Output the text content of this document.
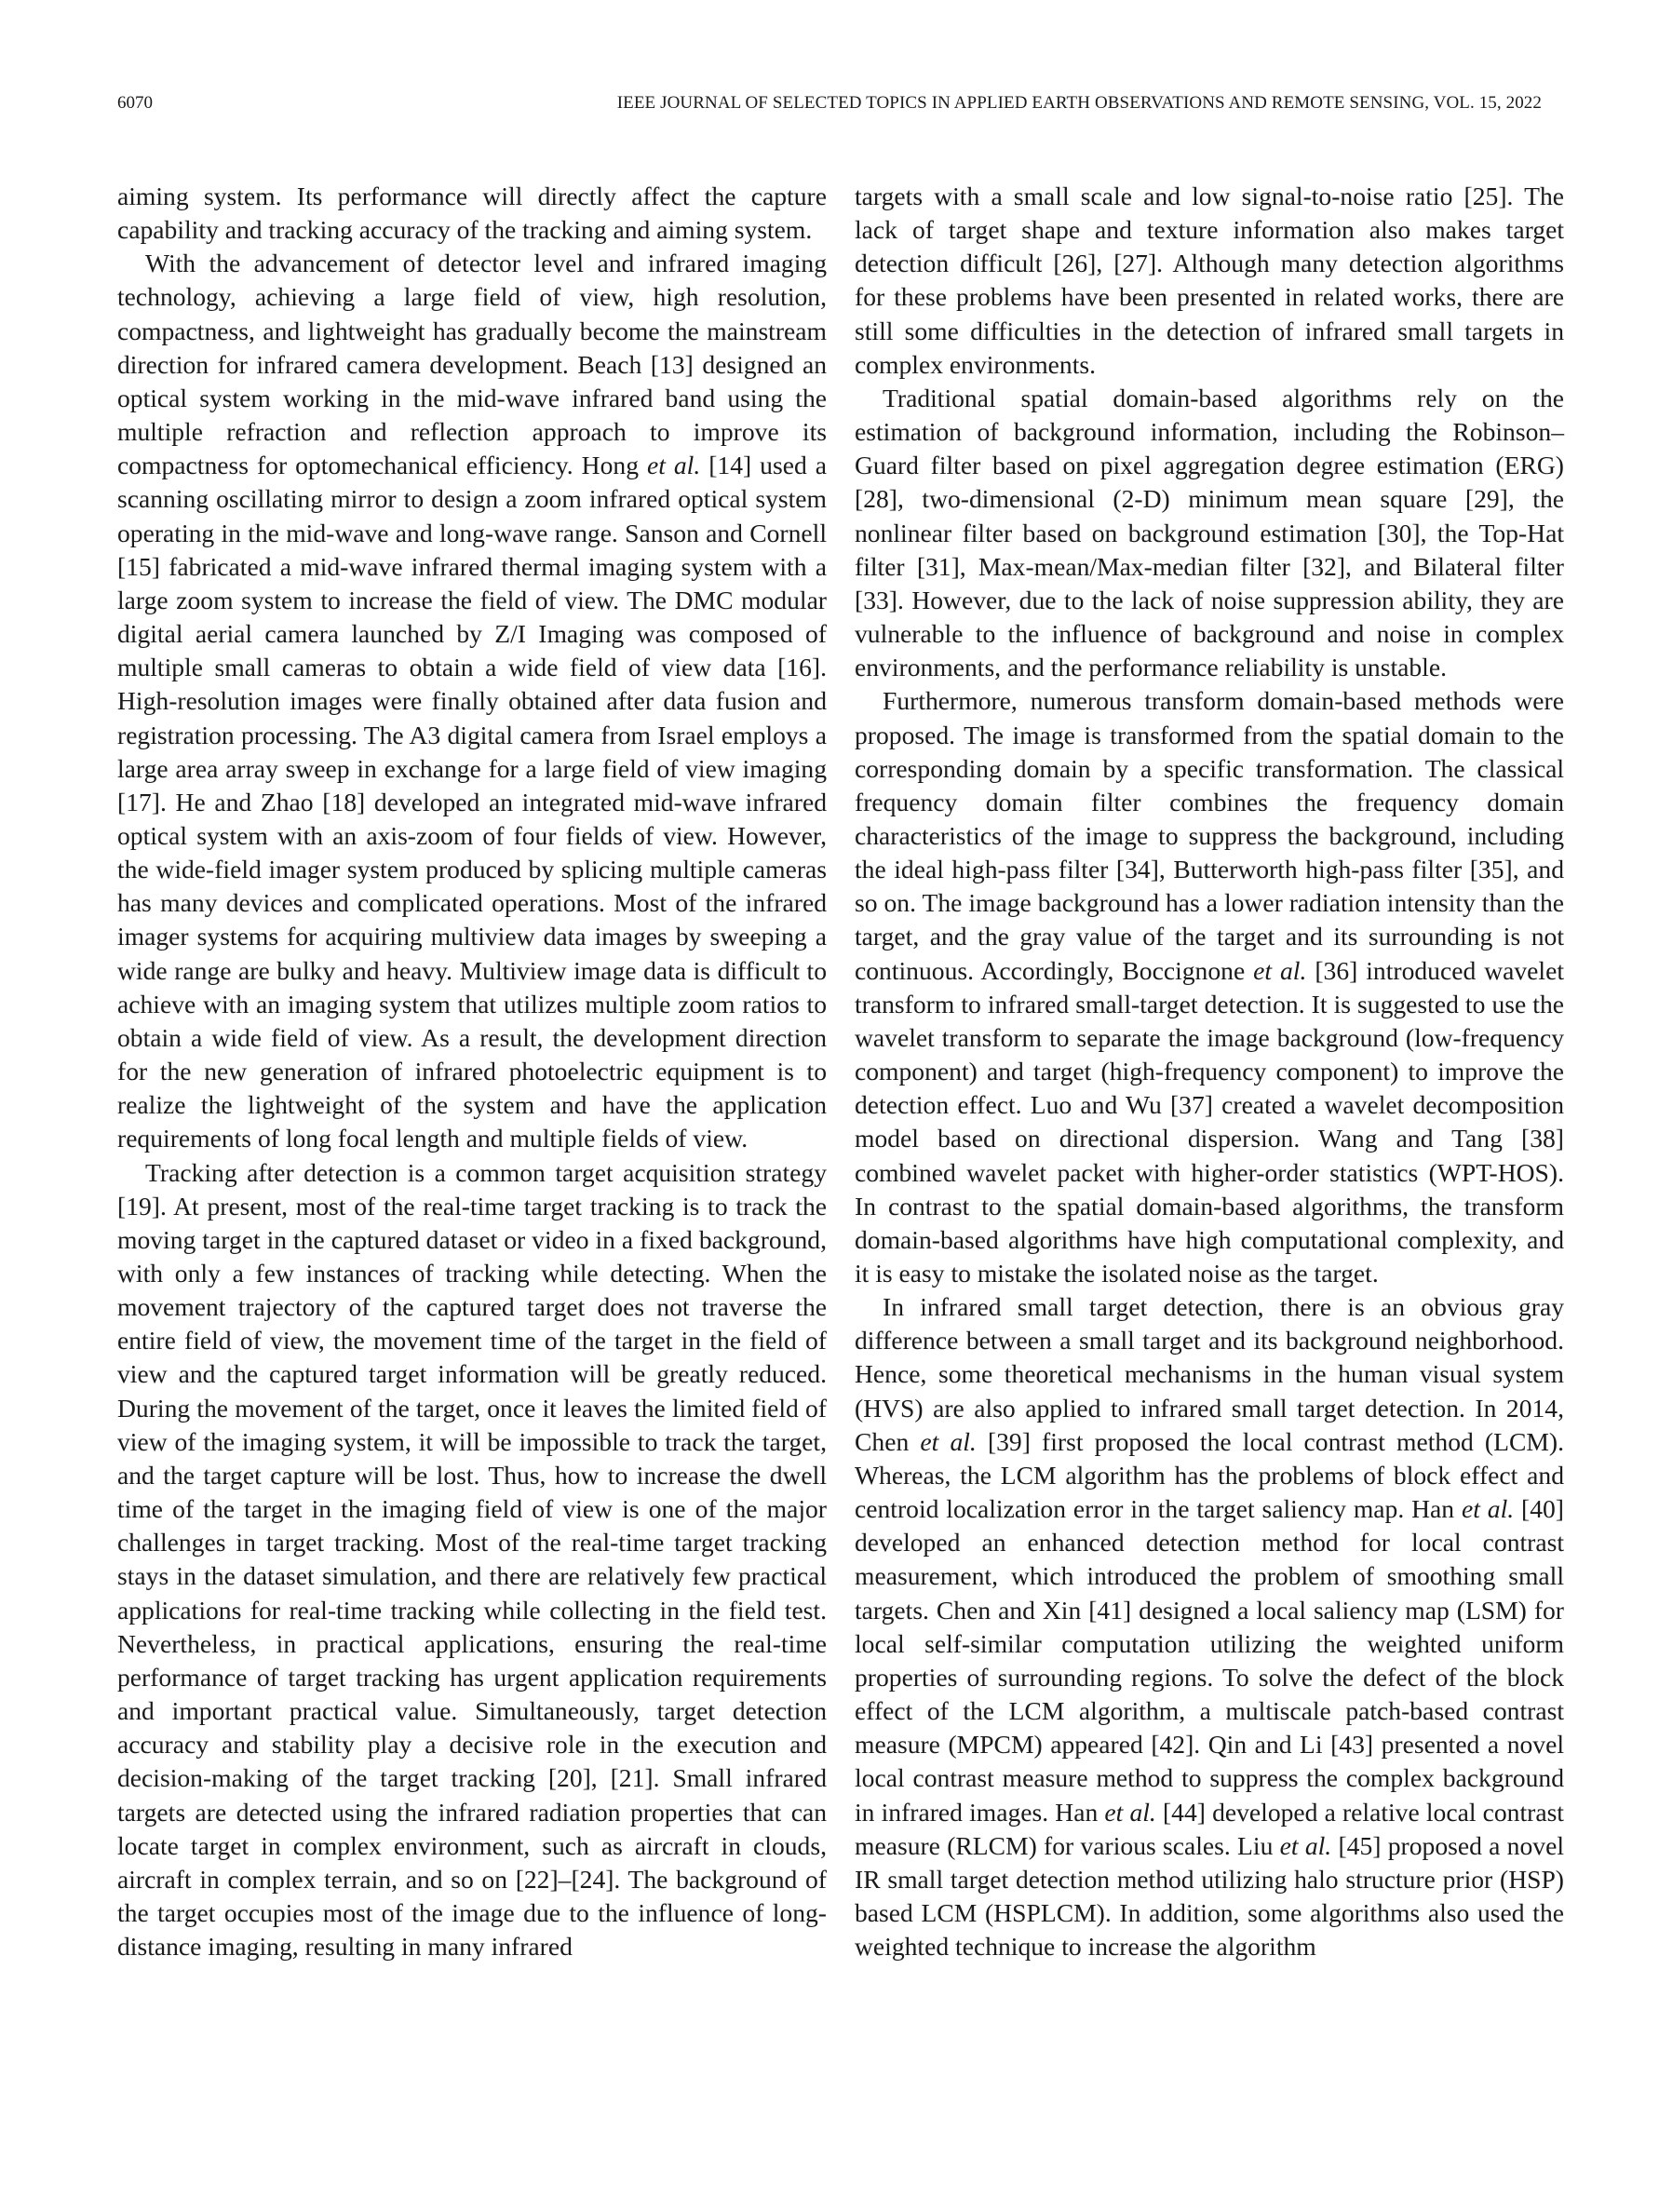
6070	IEEE JOURNAL OF SELECTED TOPICS IN APPLIED EARTH OBSERVATIONS AND REMOTE SENSING, VOL. 15, 2022

aiming system. Its performance will directly affect the capture capability and tracking accuracy of the tracking and aiming system.

With the advancement of detector level and infrared imaging technology, achieving a large field of view, high resolution, compactness, and lightweight has gradually become the mainstream direction for infrared camera development. Beach [13] designed an optical system working in the mid-wave infrared band using the multiple refraction and reflection approach to improve its compactness for optomechanical efficiency. Hong et al. [14] used a scanning oscillating mirror to design a zoom infrared optical system operating in the mid-wave and long-wave range. Sanson and Cornell [15] fabricated a mid-wave infrared thermal imaging system with a large zoom system to increase the field of view. The DMC modular digital aerial camera launched by Z/I Imaging was composed of multiple small cameras to obtain a wide field of view data [16]. High-resolution images were finally obtained after data fusion and registration processing. The A3 digital camera from Israel employs a large area array sweep in exchange for a large field of view imaging [17]. He and Zhao [18] developed an integrated mid-wave infrared optical system with an axis-zoom of four fields of view. However, the wide-field imager system produced by splicing multiple cameras has many devices and complicated operations. Most of the infrared imager systems for acquiring multiview data images by sweeping a wide range are bulky and heavy. Multiview image data is difficult to achieve with an imaging system that utilizes multiple zoom ratios to obtain a wide field of view. As a result, the development direction for the new generation of infrared photoelectric equipment is to realize the lightweight of the system and have the application requirements of long focal length and multiple fields of view.

Tracking after detection is a common target acquisition strategy [19]. At present, most of the real-time target tracking is to track the moving target in the captured dataset or video in a fixed background, with only a few instances of tracking while detecting. When the movement trajectory of the captured target does not traverse the entire field of view, the movement time of the target in the field of view and the captured target information will be greatly reduced. During the movement of the target, once it leaves the limited field of view of the imaging system, it will be impossible to track the target, and the target capture will be lost. Thus, how to increase the dwell time of the target in the imaging field of view is one of the major challenges in target tracking. Most of the real-time target tracking stays in the dataset simulation, and there are relatively few practical applications for real-time tracking while collecting in the field test. Nevertheless, in practical applications, ensuring the real-time performance of target tracking has urgent application requirements and important practical value. Simultaneously, target detection accuracy and stability play a decisive role in the execution and decision-making of the target tracking [20], [21]. Small infrared targets are detected using the infrared radiation properties that can locate target in complex environment, such as aircraft in clouds, aircraft in complex terrain, and so on [22]–[24]. The background of the target occupies most of the image due to the influence of long-distance imaging, resulting in many infrared

targets with a small scale and low signal-to-noise ratio [25]. The lack of target shape and texture information also makes target detection difficult [26], [27]. Although many detection algorithms for these problems have been presented in related works, there are still some difficulties in the detection of infrared small targets in complex environments.

Traditional spatial domain-based algorithms rely on the estimation of background information, including the Robinson–Guard filter based on pixel aggregation degree estimation (ERG) [28], two-dimensional (2-D) minimum mean square [29], the nonlinear filter based on background estimation [30], the Top-Hat filter [31], Max-mean/Max-median filter [32], and Bilateral filter [33]. However, due to the lack of noise suppression ability, they are vulnerable to the influence of background and noise in complex environments, and the performance reliability is unstable.

Furthermore, numerous transform domain-based methods were proposed. The image is transformed from the spatial domain to the corresponding domain by a specific transformation. The classical frequency domain filter combines the frequency domain characteristics of the image to suppress the background, including the ideal high-pass filter [34], Butterworth high-pass filter [35], and so on. The image background has a lower radiation intensity than the target, and the gray value of the target and its surrounding is not continuous. Accordingly, Boccignone et al. [36] introduced wavelet transform to infrared small-target detection. It is suggested to use the wavelet transform to separate the image background (low-frequency component) and target (high-frequency component) to improve the detection effect. Luo and Wu [37] created a wavelet decomposition model based on directional dispersion. Wang and Tang [38] combined wavelet packet with higher-order statistics (WPT-HOS). In contrast to the spatial domain-based algorithms, the transform domain-based algorithms have high computational complexity, and it is easy to mistake the isolated noise as the target.

In infrared small target detection, there is an obvious gray difference between a small target and its background neighborhood. Hence, some theoretical mechanisms in the human visual system (HVS) are also applied to infrared small target detection. In 2014, Chen et al. [39] first proposed the local contrast method (LCM). Whereas, the LCM algorithm has the problems of block effect and centroid localization error in the target saliency map. Han et al. [40] developed an enhanced detection method for local contrast measurement, which introduced the problem of smoothing small targets. Chen and Xin [41] designed a local saliency map (LSM) for local self-similar computation utilizing the weighted uniform properties of surrounding regions. To solve the defect of the block effect of the LCM algorithm, a multiscale patch-based contrast measure (MPCM) appeared [42]. Qin and Li [43] presented a novel local contrast measure method to suppress the complex background in infrared images. Han et al. [44] developed a relative local contrast measure (RLCM) for various scales. Liu et al. [45] proposed a novel IR small target detection method utilizing halo structure prior (HSP) based LCM (HSPLCM). In addition, some algorithms also used the weighted technique to increase the algorithm
